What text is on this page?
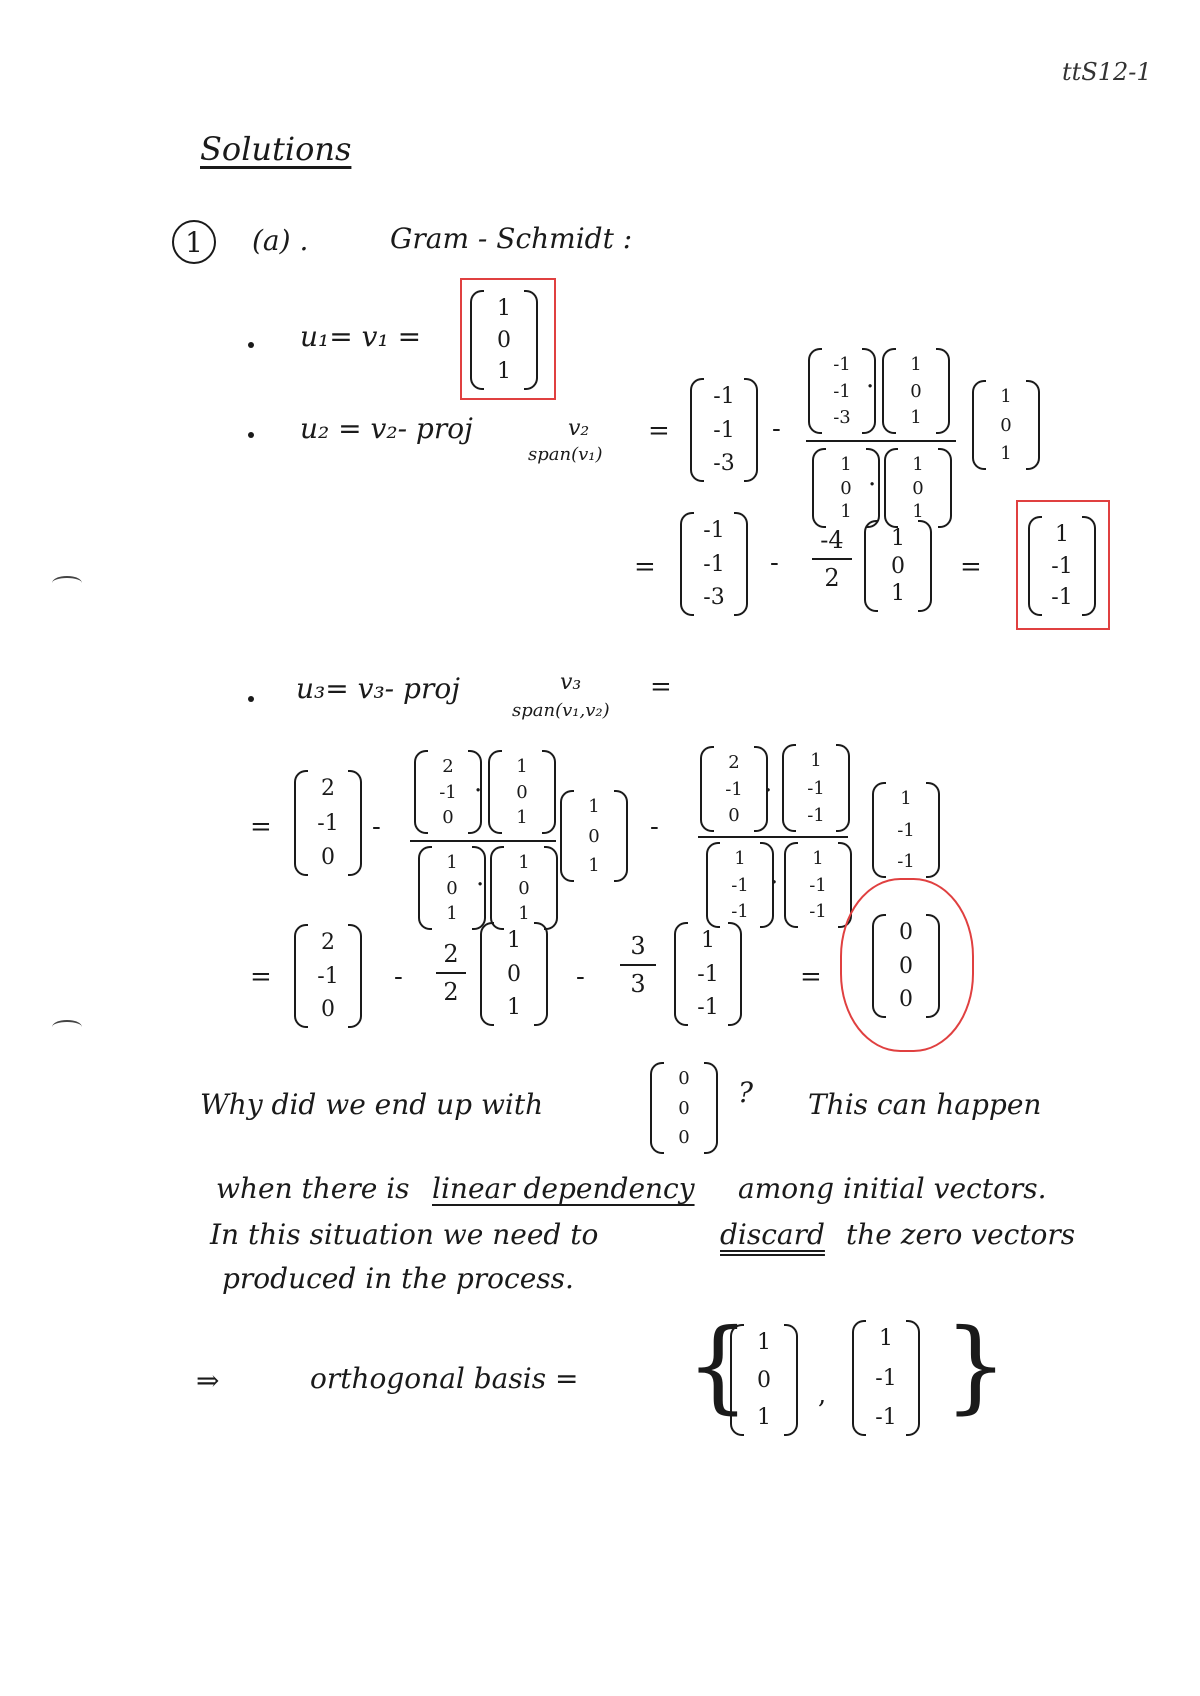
ttS12-1
Solutions
1	(a) .	Gram - Schmidt :
u₁= v₁ =
1
0
1
u₂ = v₂- proj	v₂
span(v₁)
=
-1
-1
-3
-
-1
-1
-3
·
1
0
1
1
0
1
·
1
0
1
1
0
1
=
-1
-1
-3
-
-4
2
1
0
1
=
1
-1
-1
u₃= v₃- proj	v₃
span(v₁,v₂)
=
=
2
-1
0
-
2
-1
0
·
1
0
1
1
0
1
·
1
0
1
1
0
1
-
2
-1
0
·
1
-1
-1
1
-1
-1
·
1
-1
-1
1
-1
-1
=
2
-1
0
-
2
2
1
0
1
-
3
3
1
-1
-1
=
0
0
0
Why did we end up with
0
0
0
? This can happen
when there is linear dependency among initial vectors.
In this situation we need to	discard the zero vectors
produced in the process.
⇒	orthogonal basis = { 1
0
1
,
1
-1
-1 }
